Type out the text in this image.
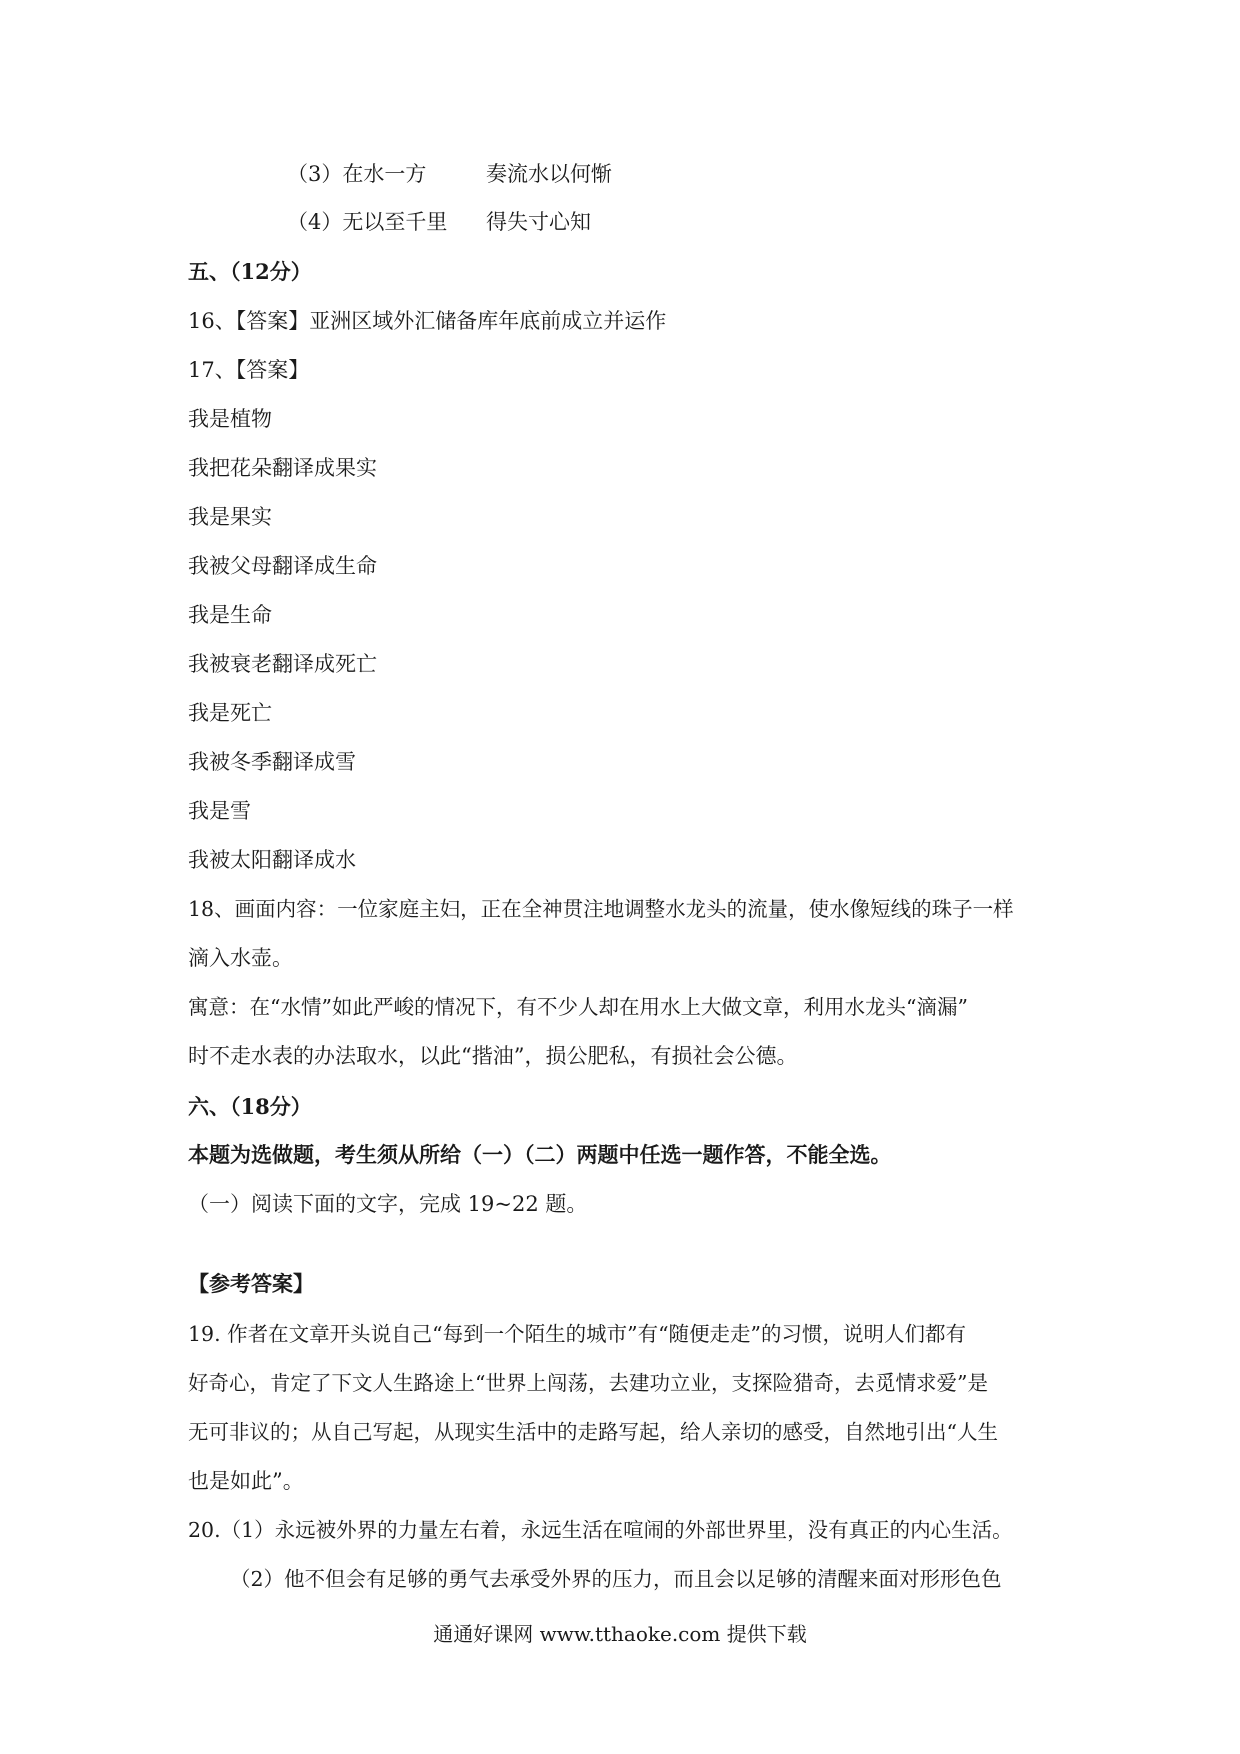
（3）在水一方	奏流水以何惭
（4）无以至千里 得失寸心知
五、（12分）
16、【答案】亚洲区域外汇储备库年底前成立并运作
17、【答案】
我是植物
我把花朵翻译成果实
我是果实
我被父母翻译成生命
我是生命
我被衰老翻译成死亡
我是死亡
我被冬季翻译成雪
我是雪
我被太阳翻译成水
18、画面内容：一位家庭主妇，正在全神贯注地调整水龙头的流量，使水像短线的珠子一样
滴入水壶。
寓意：在“水情”如此严峻的情况下，有不少人却在用水上大做文章，利用水龙头“滴漏”
时不走水表的办法取水，以此“揩油”，损公肥私，有损社会公德。
六、（18分）
本题为选做题，考生须从所给（一）（二）两题中任选一题作答，不能全选。
（一）阅读下面的文字，完成 19~22 题。
【参考答案】
19. 作者在文章开头说自己“每到一个陌生的城市”有“随便走走”的习惯，说明人们都有
好奇心，肯定了下文人生路途上“世界上闯荡，去建功立业，支探险猎奇，去觅情求爱”是
无可非议的；从自己写起，从现实生活中的走路写起，给人亲切的感受，自然地引出“人生
也是如此”。
20.（1）永远被外界的力量左右着，永远生活在喧闹的外部世界里，没有真正的内心生活。
（2）他不但会有足够的勇气去承受外界的压力，而且会以足够的清醒来面对形形色色
通通好课网 www.tthaoke.com 提供下载
